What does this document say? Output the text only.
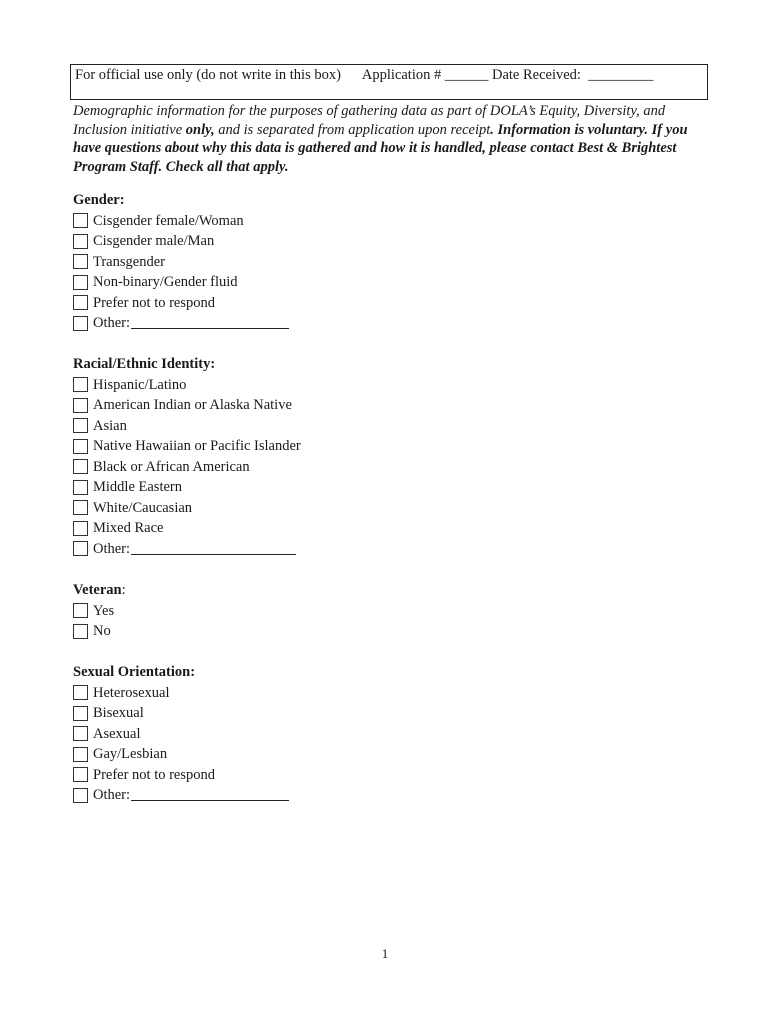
For official use only (do not write in this box) Application # ______ Date Received: _________
Demographic information for the purposes of gathering data as part of DOLA’s Equity, Diversity, and Inclusion initiative only, and is separated from application upon receipt. Information is voluntary. If you have questions about why this data is gathered and how it is handled, please contact Best & Brightest Program Staff. Check all that apply.
Gender:
Cisgender female/Woman
Cisgender male/Man
Transgender
Non-binary/Gender fluid
Prefer not to respond
Other:
Racial/Ethnic Identity:
Hispanic/Latino
American Indian or Alaska Native
Asian
Native Hawaiian or Pacific Islander
Black or African American
Middle Eastern
White/Caucasian
Mixed Race
Other:
Veteran:
Yes
No
Sexual Orientation:
Heterosexual
Bisexual
Asexual
Gay/Lesbian
Prefer not to respond
Other:
1
